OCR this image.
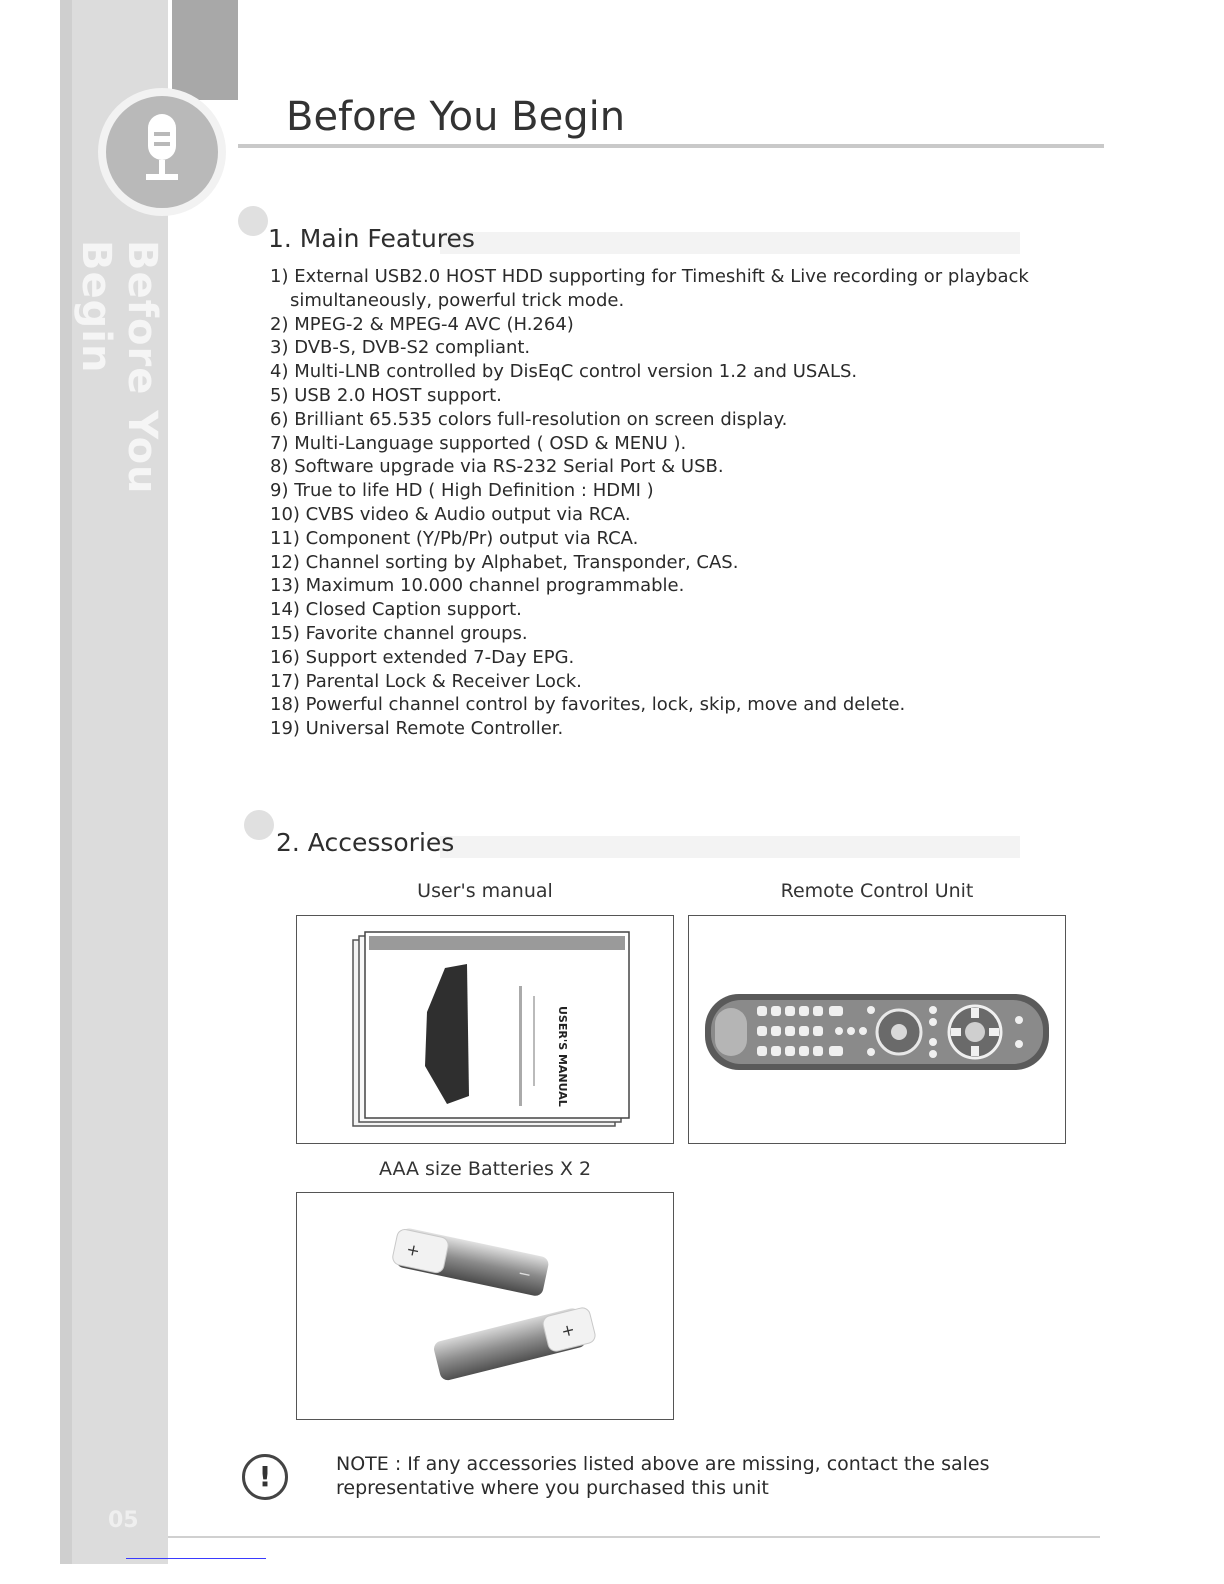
Before You Begin
05
Before You Begin
1. Main Features
1) External USB2.0 HOST HDD supporting for Timeshift & Live recording or playback
simultaneously, powerful trick mode.
2) MPEG-2 & MPEG-4 AVC (H.264)
3) DVB-S, DVB-S2 compliant.
4) Multi-LNB controlled by DisEqC control version 1.2 and USALS.
5) USB 2.0 HOST support.
6) Brilliant 65.535 colors full-resolution on screen display.
7) Multi-Language supported ( OSD & MENU ).
8) Software upgrade via RS-232 Serial Port & USB.
9) True to life HD ( High Definition : HDMI )
10) CVBS video & Audio output via RCA.
11) Component (Y/Pb/Pr) output via RCA.
12) Channel sorting by Alphabet, Transponder, CAS.
13) Maximum 10.000 channel programmable.
14) Closed Caption support.
15) Favorite channel groups.
16) Support extended 7-Day EPG.
17) Parental Lock & Receiver Lock.
18) Powerful channel control by favorites, lock, skip, move and delete.
19) Universal Remote Controller.
2. Accessories
User's manual	Remote Control Unit
USER'S MANUAL
AAA size Batteries X 2
+
−
+
!	NOTE : If any accessories listed above are missing, contact the sales representative where you purchased this unit
